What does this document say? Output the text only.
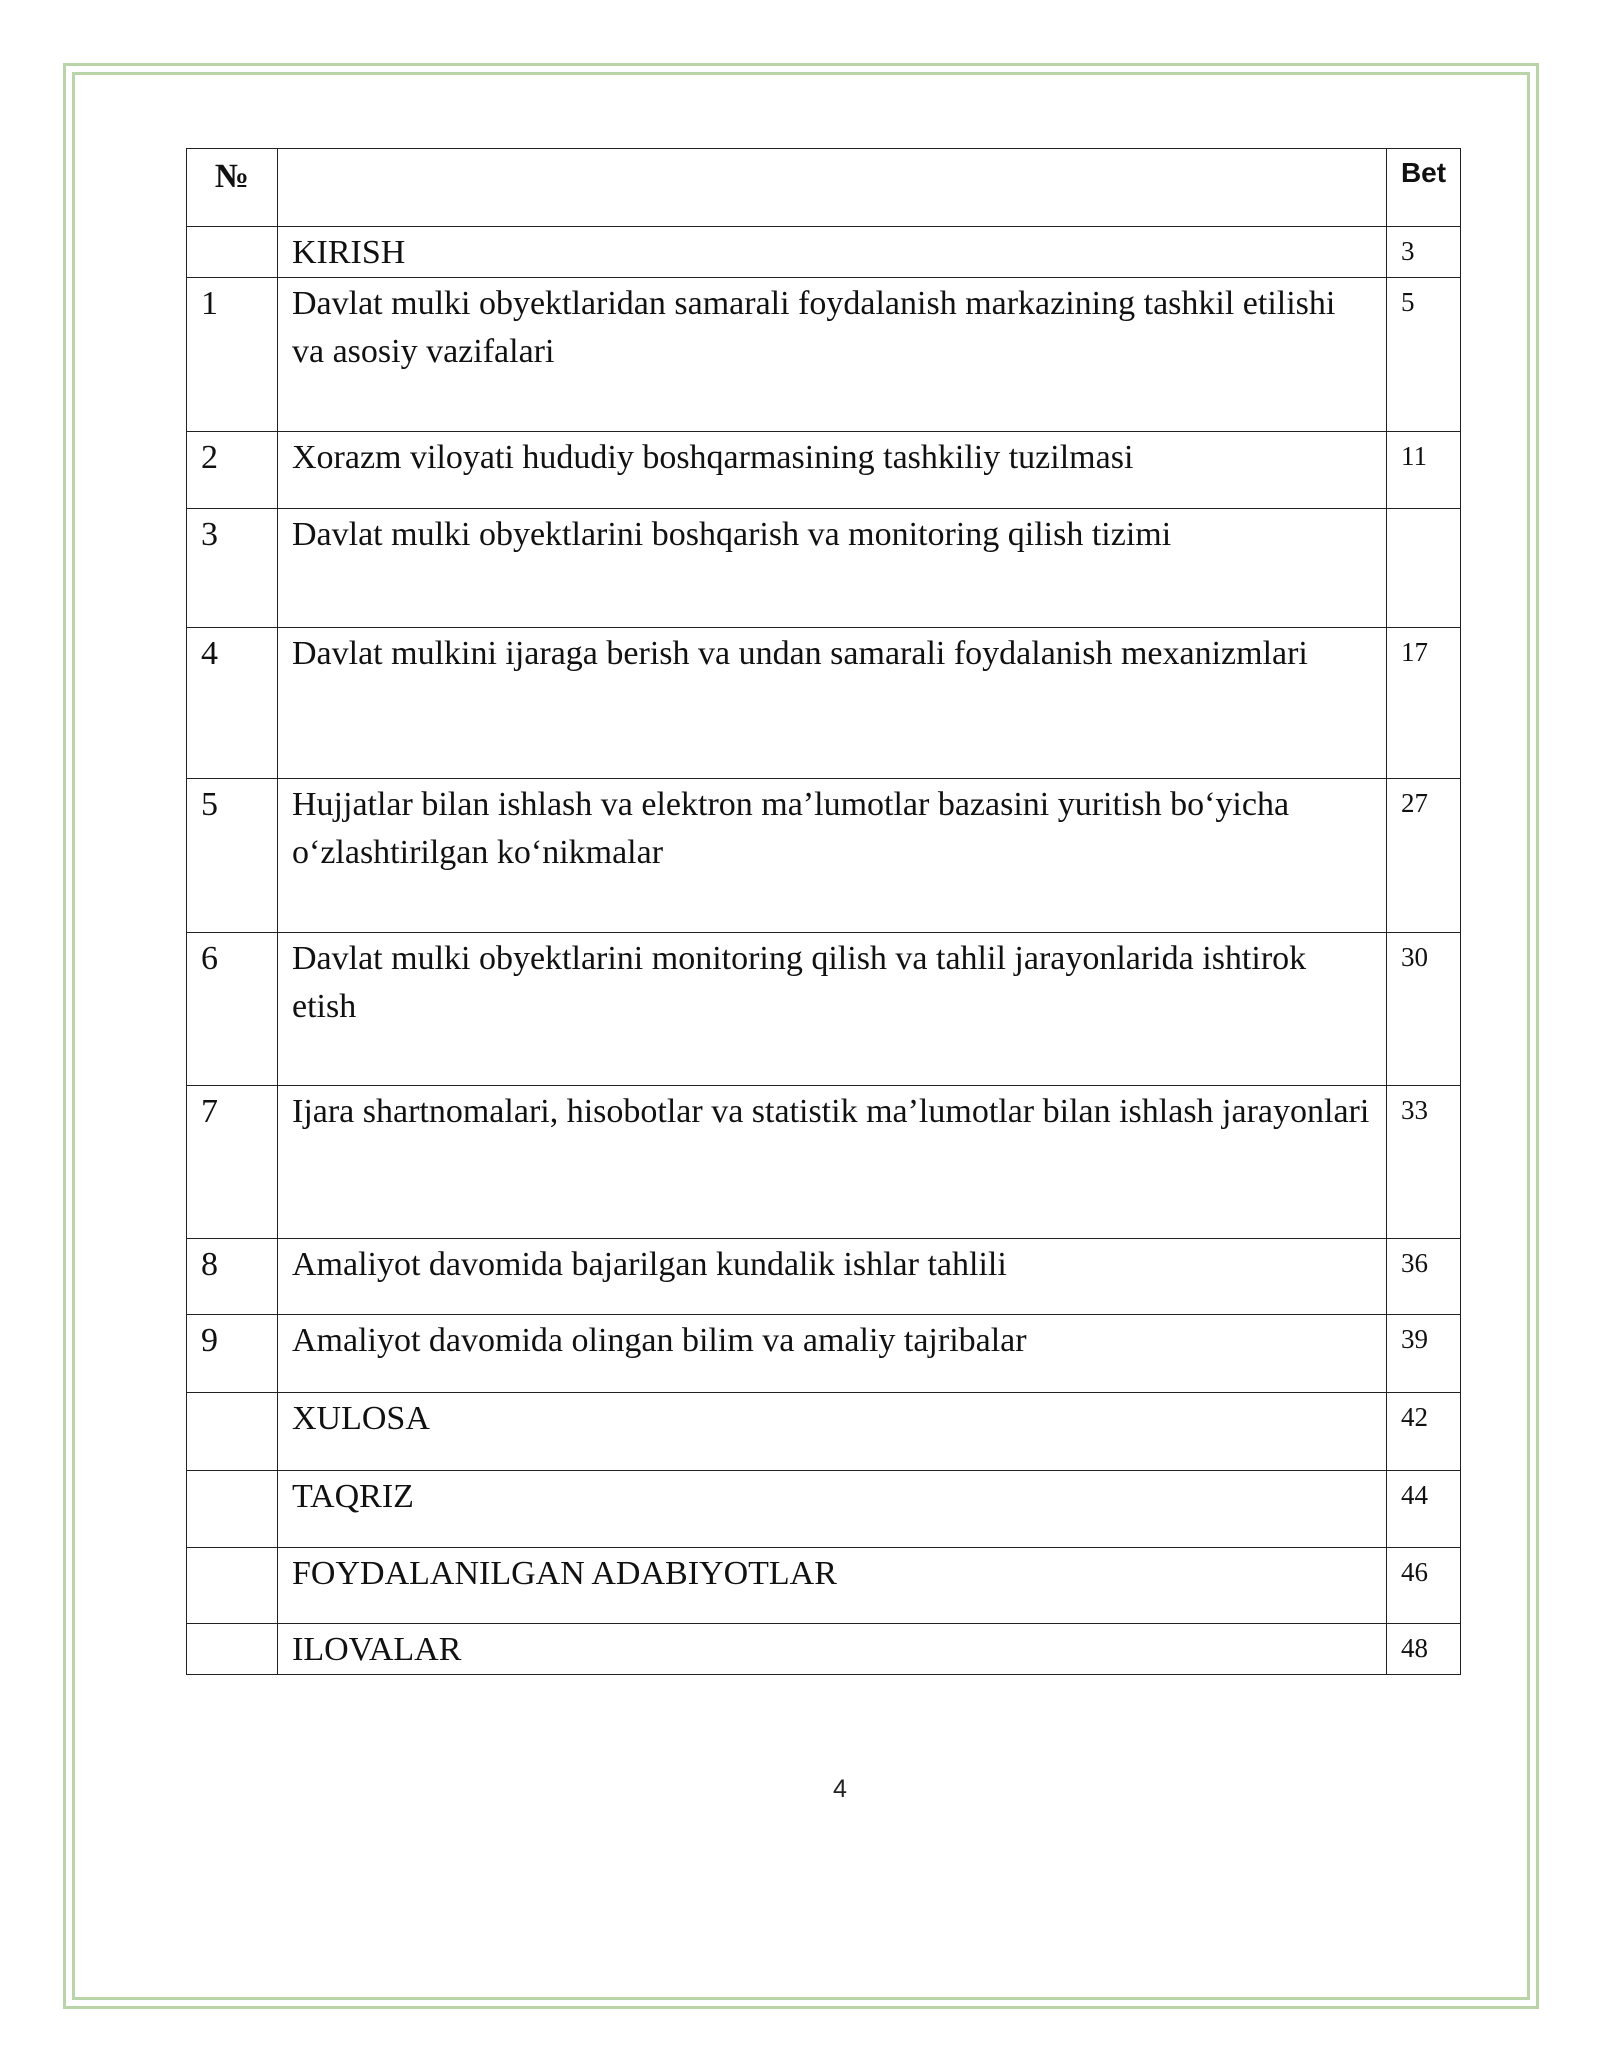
№		Bet
	KIRISH	3
1	Davlat mulki obyektlaridan samarali foydalanish markazining tashkil etilishi va asosiy vazifalari	5
2	Xorazm viloyati hududiy boshqarmasining tashkiliy tuzilmasi	11
3	Davlat mulki obyektlarini boshqarish va monitoring qilish tizimi	
4	Davlat mulkini ijaraga berish va undan samarali foydalanish mexanizmlari	17
5	Hujjatlar bilan ishlash va elektron ma’lumotlar bazasini yuritish bo‘yicha o‘zlashtirilgan ko‘nikmalar	27
6	Davlat mulki obyektlarini monitoring qilish va tahlil jarayonlarida ishtirok etish	30
7	Ijara shartnomalari, hisobotlar va statistik ma’lumotlar bilan ishlash jarayonlari	33
8	Amaliyot davomida bajarilgan kundalik ishlar tahlili	36
9	Amaliyot davomida olingan bilim va amaliy tajribalar	39
	XULOSA	42
	TAQRIZ	44
	FOYDALANILGAN ADABIYOTLAR	46
	ILOVALAR	48
4
